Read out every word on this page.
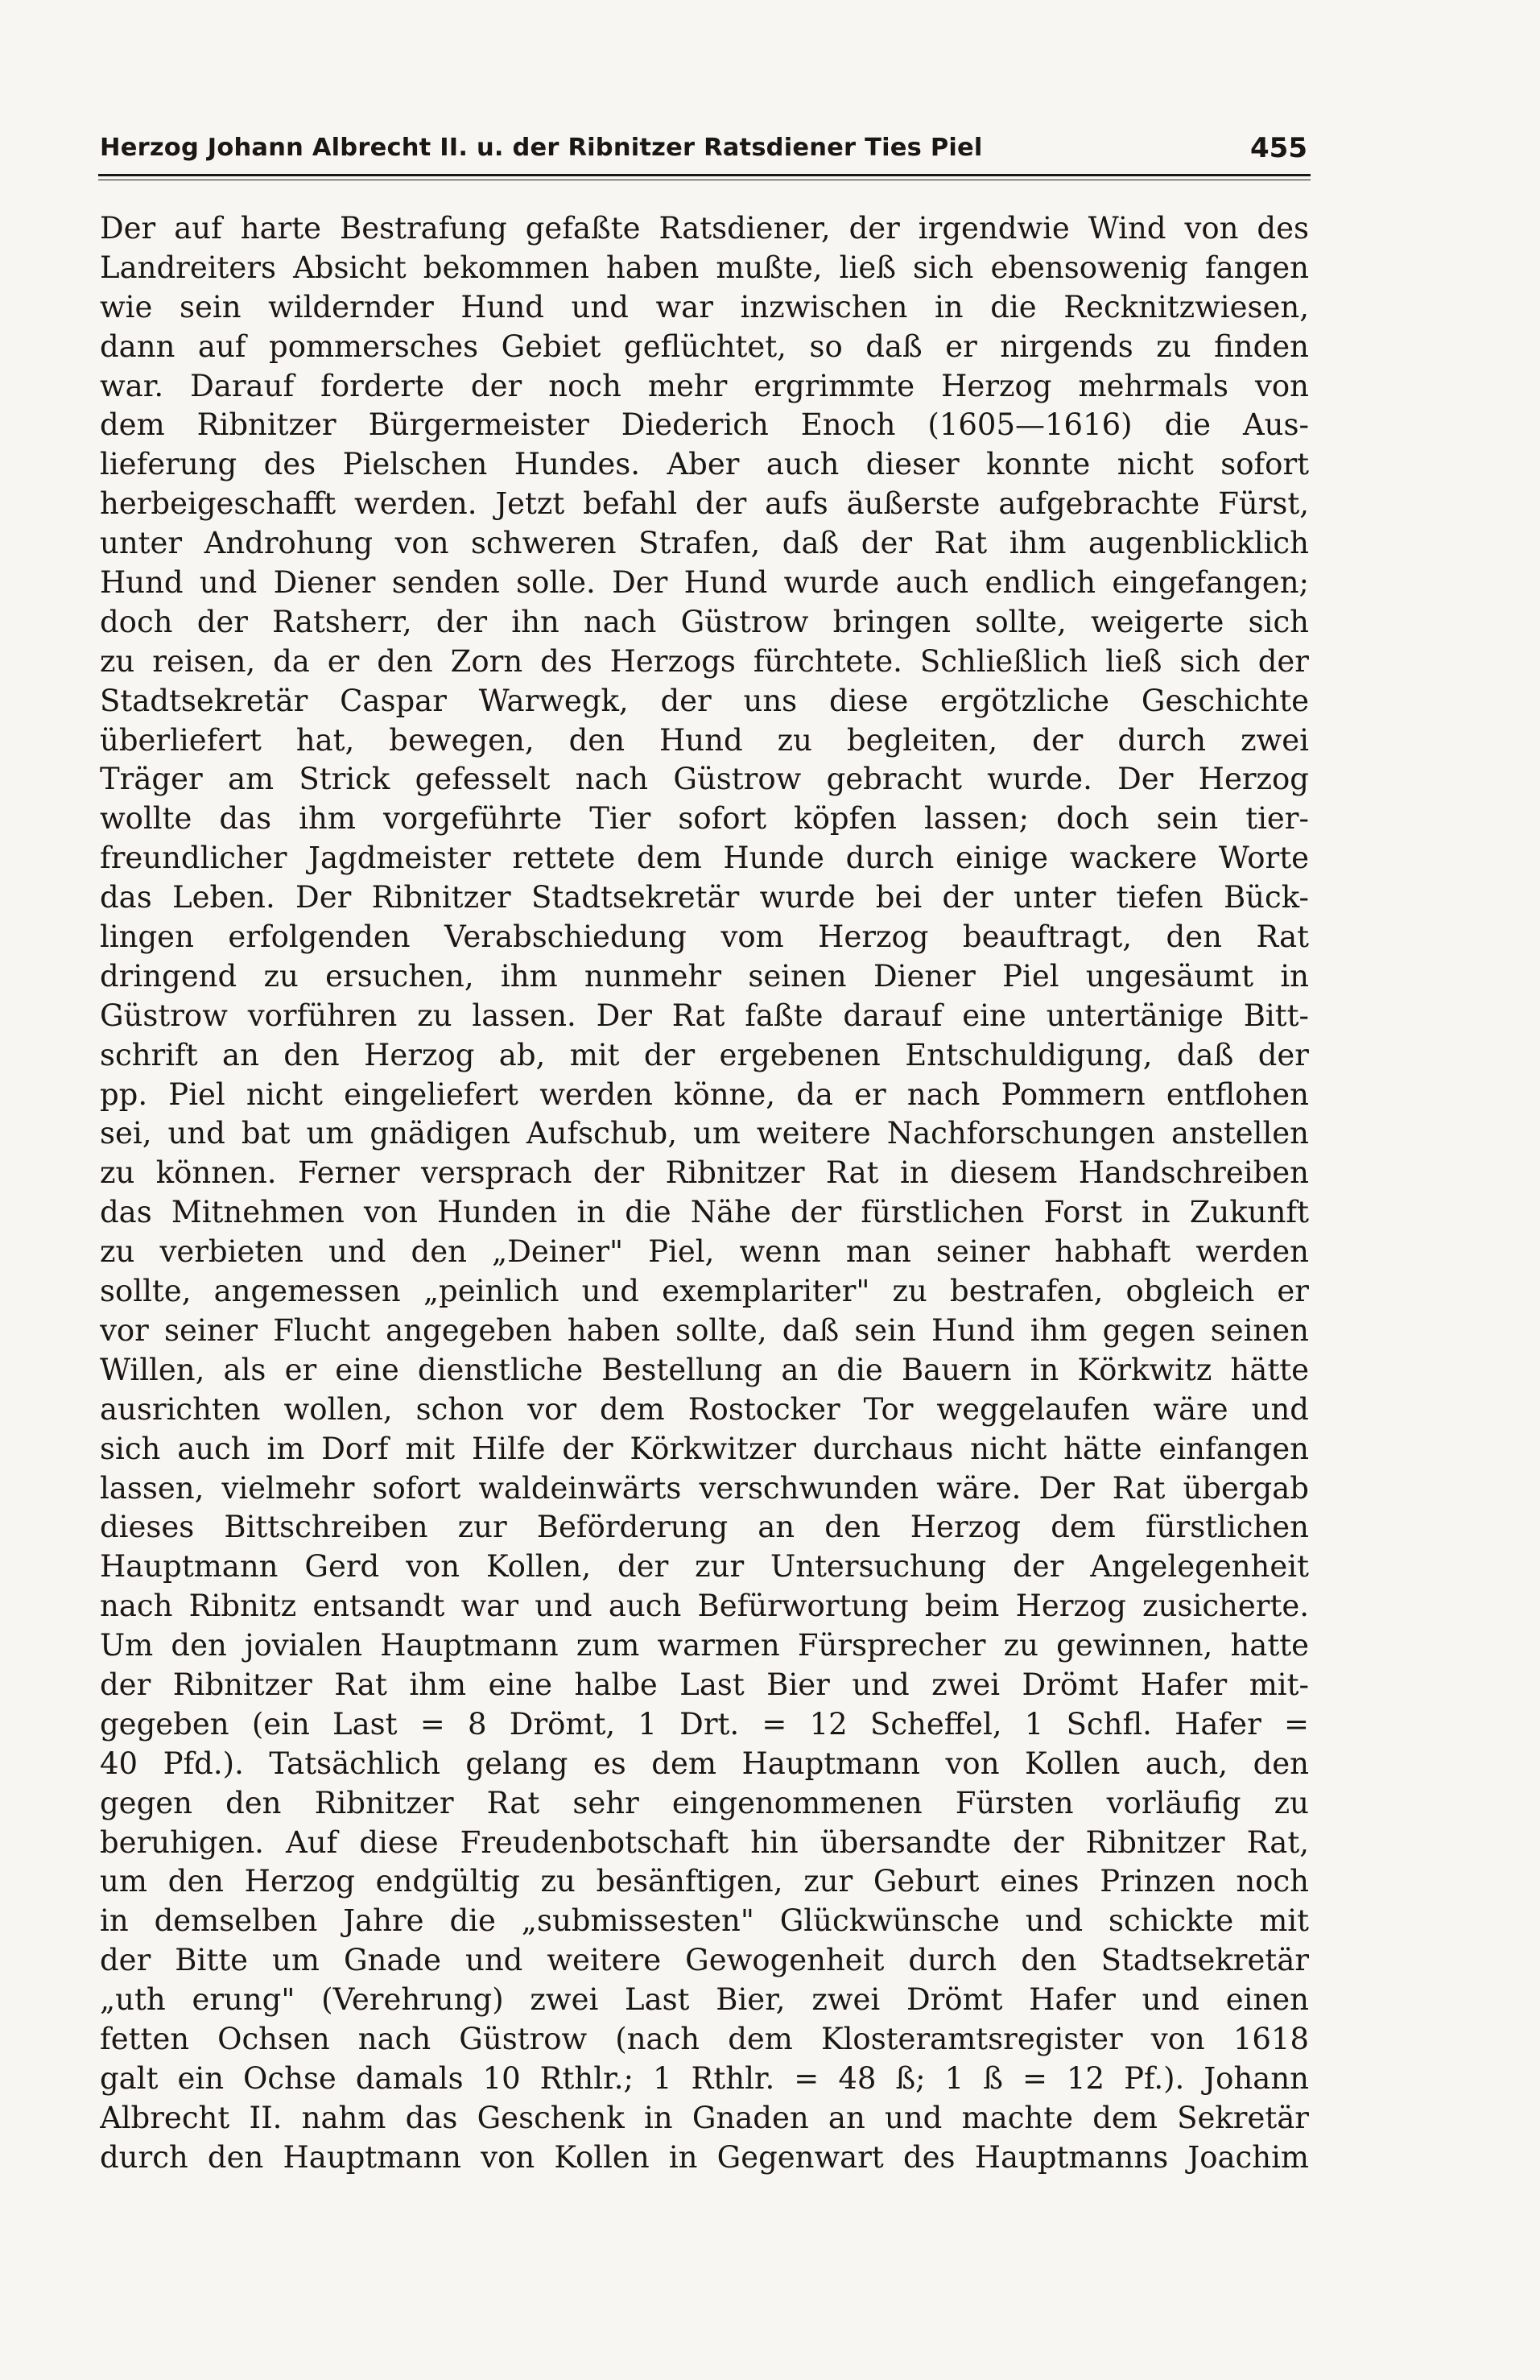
Herzog Johann Albrecht II. u. der Ribnitzer Ratsdiener Ties Piel	455
Der auf harte Bestrafung gefaßte Ratsdiener, der irgendwie Wind von des
Landreiters Absicht bekommen haben mußte, ließ sich ebensowenig fangen
wie sein wildernder Hund und war inzwischen in die Recknitzwiesen,
dann auf pommersches Gebiet geflüchtet, so daß er nirgends zu finden
war. Darauf forderte der noch mehr ergrimmte Herzog mehrmals von
dem Ribnitzer Bürgermeister Diederich Enoch (1605—1616) die Aus-
lieferung des Pielschen Hundes. Aber auch dieser konnte nicht sofort
herbeigeschafft werden. Jetzt befahl der aufs äußerste aufgebrachte Fürst,
unter Androhung von schweren Strafen, daß der Rat ihm augenblicklich
Hund und Diener senden solle. Der Hund wurde auch endlich eingefangen;
doch der Ratsherr, der ihn nach Güstrow bringen sollte, weigerte sich
zu reisen, da er den Zorn des Herzogs fürchtete. Schließlich ließ sich der
Stadtsekretär Caspar Warwegk, der uns diese ergötzliche Geschichte
überliefert hat, bewegen, den Hund zu begleiten, der durch zwei
Träger am Strick gefesselt nach Güstrow gebracht wurde. Der Herzog
wollte das ihm vorgeführte Tier sofort köpfen lassen; doch sein tier-
freundlicher Jagdmeister rettete dem Hunde durch einige wackere Worte
das Leben. Der Ribnitzer Stadtsekretär wurde bei der unter tiefen Bück-
lingen erfolgenden Verabschiedung vom Herzog beauftragt, den Rat
dringend zu ersuchen, ihm nunmehr seinen Diener Piel ungesäumt in
Güstrow vorführen zu lassen. Der Rat faßte darauf eine untertänige Bitt-
schrift an den Herzog ab, mit der ergebenen Entschuldigung, daß der
pp. Piel nicht eingeliefert werden könne, da er nach Pommern entflohen
sei, und bat um gnädigen Aufschub, um weitere Nachforschungen anstellen
zu können. Ferner versprach der Ribnitzer Rat in diesem Handschreiben
das Mitnehmen von Hunden in die Nähe der fürstlichen Forst in Zukunft
zu verbieten und den „Deiner" Piel, wenn man seiner habhaft werden
sollte, angemessen „peinlich und exemplariter" zu bestrafen, obgleich er
vor seiner Flucht angegeben haben sollte, daß sein Hund ihm gegen seinen
Willen, als er eine dienstliche Bestellung an die Bauern in Körkwitz hätte
ausrichten wollen, schon vor dem Rostocker Tor weggelaufen wäre und
sich auch im Dorf mit Hilfe der Körkwitzer durchaus nicht hätte einfangen
lassen, vielmehr sofort waldeinwärts verschwunden wäre. Der Rat übergab
dieses Bittschreiben zur Beförderung an den Herzog dem fürstlichen
Hauptmann Gerd von Kollen, der zur Untersuchung der Angelegenheit
nach Ribnitz entsandt war und auch Befürwortung beim Herzog zusicherte.
Um den jovialen Hauptmann zum warmen Fürsprecher zu gewinnen, hatte
der Ribnitzer Rat ihm eine halbe Last Bier und zwei Drömt Hafer mit-
gegeben (ein Last = 8 Drömt, 1 Drt. = 12 Scheffel, 1 Schfl. Hafer =
40 Pfd.). Tatsächlich gelang es dem Hauptmann von Kollen auch, den
gegen den Ribnitzer Rat sehr eingenommenen Fürsten vorläufig zu
beruhigen. Auf diese Freudenbotschaft hin übersandte der Ribnitzer Rat,
um den Herzog endgültig zu besänftigen, zur Geburt eines Prinzen noch
in demselben Jahre die „submissesten" Glückwünsche und schickte mit
der Bitte um Gnade und weitere Gewogenheit durch den Stadtsekretär
„uth erung" (Verehrung) zwei Last Bier, zwei Drömt Hafer und einen
fetten Ochsen nach Güstrow (nach dem Klosteramtsregister von 1618
galt ein Ochse damals 10 Rthlr.; 1 Rthlr. = 48 ß; 1 ß = 12 Pf.). Johann
Albrecht II. nahm das Geschenk in Gnaden an und machte dem Sekretär
durch den Hauptmann von Kollen in Gegenwart des Hauptmanns Joachim
